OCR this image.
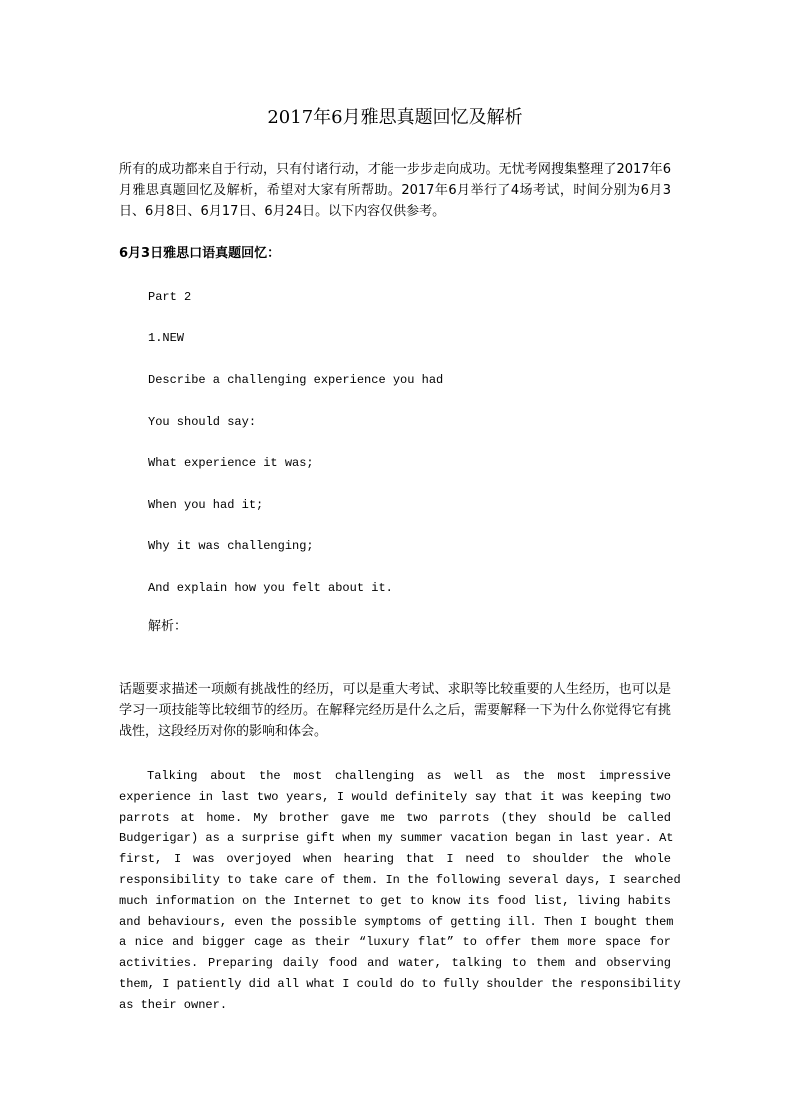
2017年6月雅思真题回忆及解析
所有的成功都来自于行动，只有付诸行动，才能一步步走向成功。无忧考网搜集整理了2017年6月雅思真题回忆及解析，希望对大家有所帮助。2017年6月举行了4场考试，时间分别为6月3日、6月8日、6月17日、6月24日。以下内容仅供参考。
6月3日雅思口语真题回忆：
Part 2
1.NEW
Describe a challenging experience you had
You should say:
What experience it was;
When you had it;
Why it was challenging;
And explain how you felt about it.
解析：
话题要求描述一项颇有挑战性的经历，可以是重大考试、求职等比较重要的人生经历，也可以是学习一项技能等比较细节的经历。在解释完经历是什么之后，需要解释一下为什么你觉得它有挑战性，这段经历对你的影响和体会。
Talking about the most challenging as well as the most impressive
experience in last two years, I would definitely say that it was keeping two
parrots at home. My brother gave me two parrots (they should be called
Budgerigar) as a surprise gift when my summer vacation began in last year. At
first, I was overjoyed when hearing that I need to shoulder the whole
responsibility to take care of them. In the following several days, I searched
much information on the Internet to get to know its food list, living habits
and behaviours, even the possible symptoms of getting ill. Then I bought them
a nice and bigger cage as their “luxury flat” to offer them more space for
activities. Preparing daily food and water, talking to them and observing
them, I patiently did all what I could do to fully shoulder the responsibility
as their owner.
